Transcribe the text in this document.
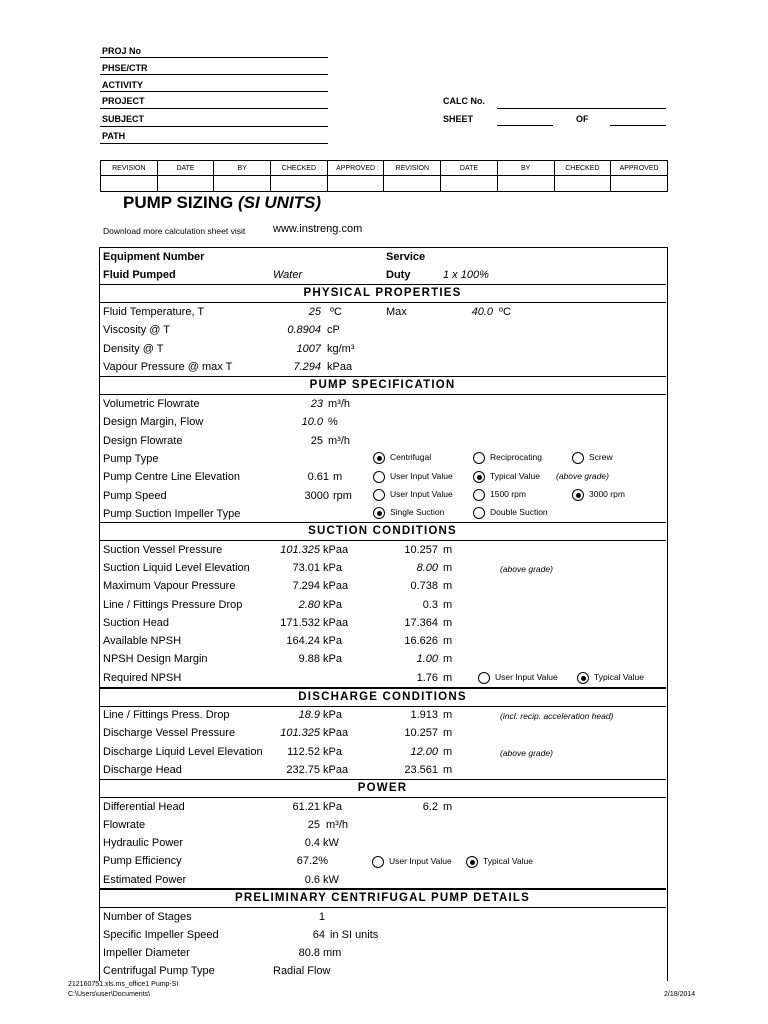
PROJ No
PHSE/CTR
ACTIVITY
PROJECT
SUBJECT
PATH
CALC No.
SHEET	OF
REVISION	DATE	BY	CHECKED	APPROVED	REVISION	DATE	BY	CHECKED	APPROVED

PUMP SIZING (SI UNITS)
Download more calculation sheet visit	www.instreng.com
Equipment Number	Service
Fluid Pumped	Water	Duty	1 x 100%
PHYSICAL PROPERTIES
Fluid Temperature, T	25 ºC	Max	40.0 ºC
Viscosity @ T	0.8904 cP
Density @ T	1007 kg/m³
Vapour Pressure @ max T	7.294 kPaa
PUMP SPECIFICATION
Volumetric Flowrate	23 m³/h
Design Margin, Flow	10.0 %
Design Flowrate	25 m³/h
Pump Type	Centrifugal	Reciprocating	Screw
Pump Centre Line Elevation	0.61 m	User Input Value	Typical Value (above grade)
Pump Speed	3000 rpm	User Input Value	1500 rpm	3000 rpm
Pump Suction Impeller Type	Single Suction	Double Suction
SUCTION CONDITIONS
Suction Vessel Pressure	101.325 kPaa	10.257 m
Suction Liquid Level Elevation	73.01 kPa	8.00 m	(above grade)
Maximum Vapour Pressure	7.294 kPaa	0.738 m
Line / Fittings Pressure Drop	2.80 kPa	0.3 m
Suction Head	171.532 kPaa	17.364 m
Available NPSH	164.24 kPa	16.626 m
NPSH Design Margin	9.88 kPa	1.00 m
Required NPSH	1.76 m	User Input Value	Typical Value
DISCHARGE CONDITIONS
Line / Fittings Press. Drop	18.9 kPa	1.913 m	(incl. recip. acceleration head)
Discharge Vessel Pressure	101.325 kPaa	10.257 m
Discharge Liquid Level Elevation	112.52 kPa	12.00 m	(above grade)
Discharge Head	232.75 kPaa	23.561 m
POWER
Differential Head	61.21 kPa	6.2 m
Flowrate	25 m³/h
Hydraulic Power	0.4 kW
Pump Efficiency	67.2%	User Input Value	Typical Value
Estimated Power	0.6 kW
PRELIMINARY CENTRIFUGAL PUMP DETAILS
Number of Stages	1
Specific Impeller Speed	64 in SI units
Impeller Diameter	80.8 mm
Centrifugal Pump Type	Radial Flow
212160751.xls.ms_office1 Pump-SI
C:\Users\user\Documents\	2/18/2014
